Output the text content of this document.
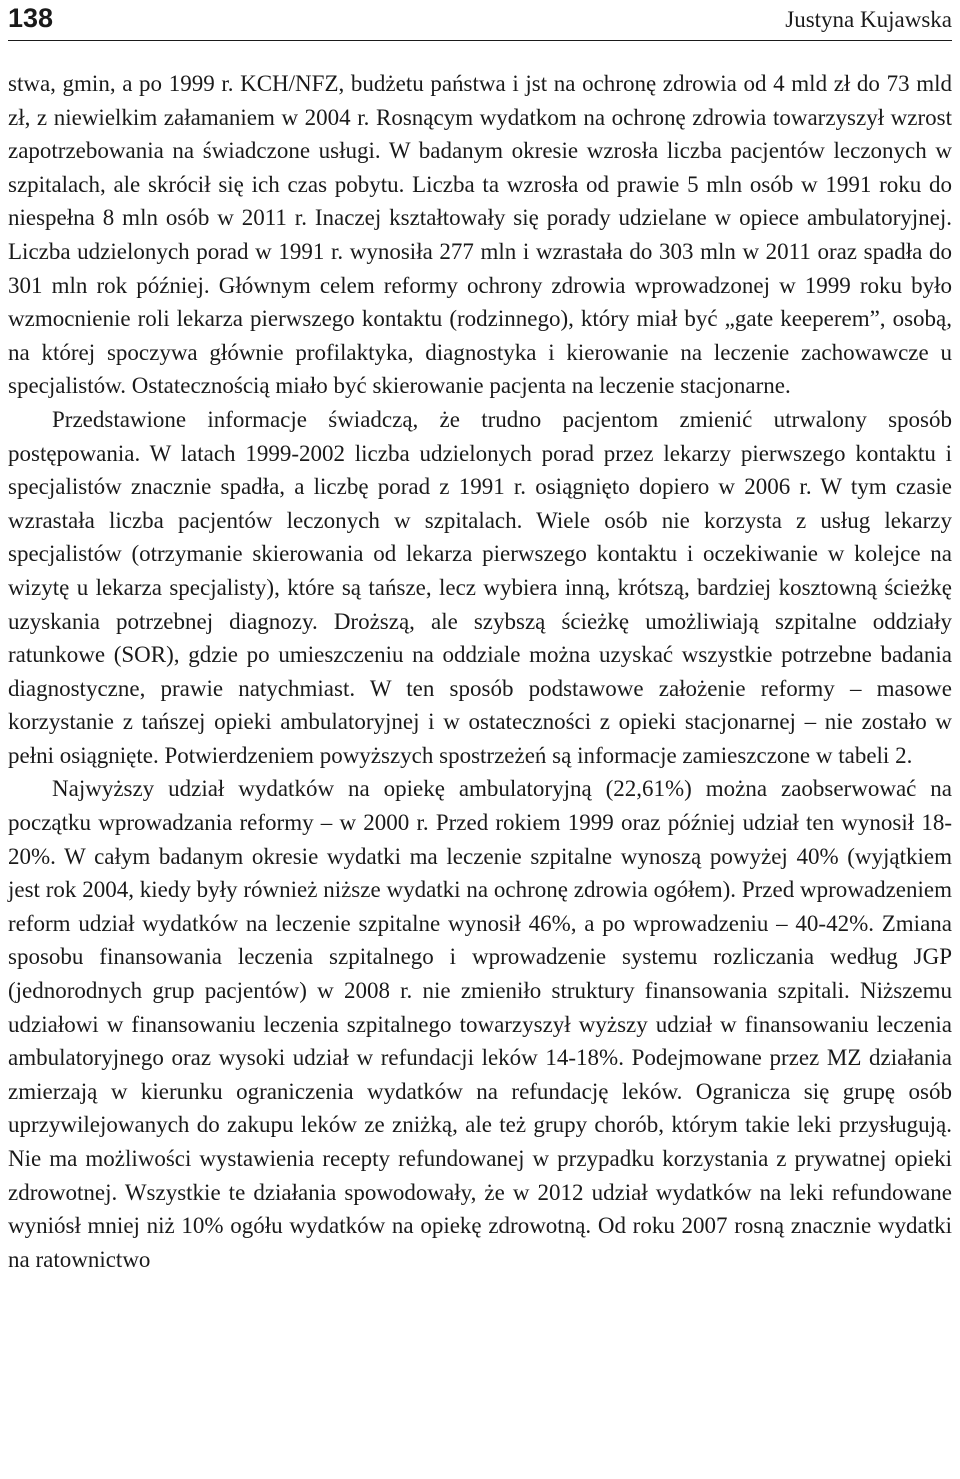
138	Justyna Kujawska

stwa, gmin, a po 1999 r. KCH/NFZ, budżetu państwa i jst na ochronę zdrowia od 4 mld zł do 73 mld zł, z niewielkim załamaniem w 2004 r. Rosnącym wydatkom na ochronę zdrowia towarzyszył wzrost zapotrzebowania na świadczone usługi. W badanym okresie wzrosła liczba pacjentów leczonych w szpitalach, ale skrócił się ich czas pobytu. Liczba ta wzrosła od prawie 5 mln osób w 1991 roku do niespełna 8 mln osób w 2011 r. Inaczej kształtowały się porady udzielane w opiece ambulatoryjnej. Liczba udzielonych porad w 1991 r. wynosiła 277 mln i wzrastała do 303 mln w 2011 oraz spadła do 301 mln rok później. Głównym celem reformy ochrony zdrowia wprowadzonej w 1999 roku było wzmocnienie roli lekarza pierwszego kontaktu (rodzinnego), który miał być „gate keeperem”, osobą, na której spoczywa głównie profilaktyka, diagnostyka i kierowanie na leczenie zachowawcze u specjalistów. Ostatecznością miało być skierowanie pacjenta na leczenie stacjonarne.

Przedstawione informacje świadczą, że trudno pacjentom zmienić utrwalony sposób postępowania. W latach 1999-2002 liczba udzielonych porad przez lekarzy pierwszego kontaktu i specjalistów znacznie spadła, a liczbę porad z 1991 r. osiągnięto dopiero w 2006 r. W tym czasie wzrastała liczba pacjentów leczonych w szpitalach. Wiele osób nie korzysta z usług lekarzy specjalistów (otrzymanie skierowania od lekarza pierwszego kontaktu i oczekiwanie w kolejce na wizytę u lekarza specjalisty), które są tańsze, lecz wybiera inną, krótszą, bardziej kosztowną ścieżkę uzyskania potrzebnej diagnozy. Droższą, ale szybszą ścieżkę umożliwiają szpitalne oddziały ratunkowe (SOR), gdzie po umieszczeniu na oddziale można uzyskać wszystkie potrzebne badania diagnostyczne, prawie natychmiast. W ten sposób podstawowe założenie reformy – masowe korzystanie z tańszej opieki ambulatoryjnej i w ostateczności z opieki stacjonarnej – nie zostało w pełni osiągnięte. Potwierdzeniem powyższych spostrzeżeń są informacje zamieszczone w tabeli 2.

Najwyższy udział wydatków na opiekę ambulatoryjną (22,61%) można zaobserwować na początku wprowadzania reformy – w 2000 r. Przed rokiem 1999 oraz później udział ten wynosił 18-20%. W całym badanym okresie wydatki ma leczenie szpitalne wynoszą powyżej 40% (wyjątkiem jest rok 2004, kiedy były również niższe wydatki na ochronę zdrowia ogółem). Przed wprowadzeniem reform udział wydatków na leczenie szpitalne wynosił 46%, a po wprowadzeniu – 40-42%. Zmiana sposobu finansowania leczenia szpitalnego i wprowadzenie systemu rozliczania według JGP (jednorodnych grup pacjentów) w 2008 r. nie zmieniło struktury finansowania szpitali. Niższemu udziałowi w finansowaniu leczenia szpitalnego towarzyszył wyższy udział w finansowaniu leczenia ambulatoryjnego oraz wysoki udział w refundacji leków 14-18%. Podejmowane przez MZ działania zmierzają w kierunku ograniczenia wydatków na refundację leków. Ogranicza się grupę osób uprzywilejowanych do zakupu leków ze zniżką, ale też grupy chorób, którym takie leki przysługują. Nie ma możliwości wystawienia recepty refundowanej w przypadku korzystania z prywatnej opieki zdrowotnej. Wszystkie te działania spowodowały, że w 2012 udział wydatków na leki refundowane wyniósł mniej niż 10% ogółu wydatków na opiekę zdrowotną. Od roku 2007 rosną znacznie wydatki na ratownictwo
